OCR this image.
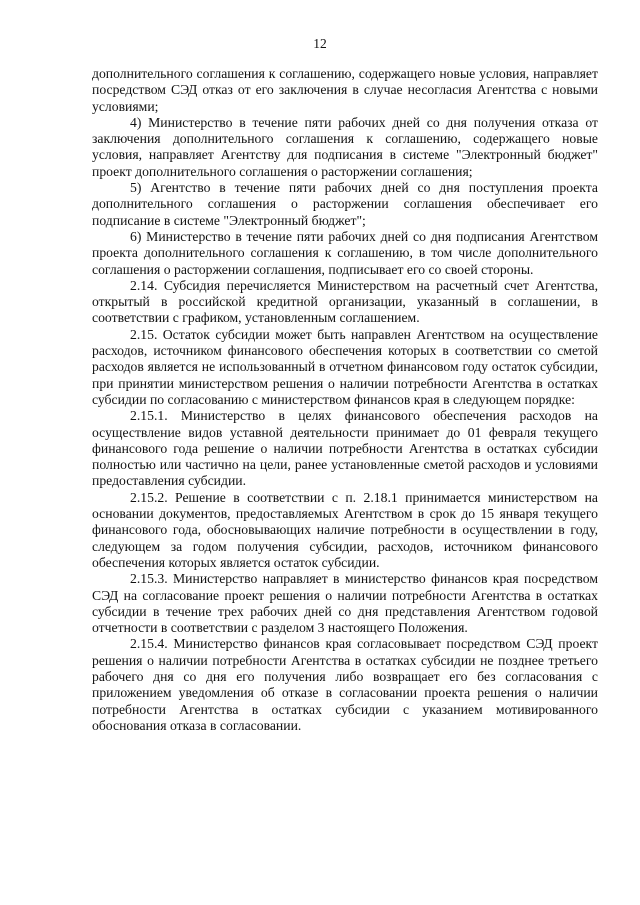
12

дополнительного соглашения к соглашению, содержащего новые условия, направляет посредством СЭД отказ от его заключения в случае несогласия Агентства с новыми условиями;

4) Министерство в течение пяти рабочих дней со дня получения отказа от заключения дополнительного соглашения к соглашению, содержащего новые условия, направляет Агентству для подписания в системе "Электронный бюджет" проект дополнительного соглашения о расторжении соглашения;

5) Агентство в течение пяти рабочих дней со дня поступления проекта дополнительного соглашения о расторжении соглашения обеспечивает его подписание в системе "Электронный бюджет";

6) Министерство в течение пяти рабочих дней со дня подписания Агентством проекта дополнительного соглашения к соглашению, в том числе дополнительного соглашения о расторжении соглашения, подписывает его со своей стороны.

2.14. Субсидия перечисляется Министерством на расчетный счет Агентства, открытый в российской кредитной организации, указанный в соглашении, в соответствии с графиком, установленным соглашением.

2.15. Остаток субсидии может быть направлен Агентством на осуществление расходов, источником финансового обеспечения которых в соответствии со сметой расходов является не использованный в отчетном финансовом году остаток субсидии, при принятии министерством решения о наличии потребности Агентства в остатках субсидии по согласованию с министерством финансов края в следующем порядке:

2.15.1. Министерство в целях финансового обеспечения расходов на осуществление видов уставной деятельности принимает до 01 февраля текущего финансового года решение о наличии потребности Агентства в остатках субсидии полностью или частично на цели, ранее установленные сметой расходов и условиями предоставления субсидии.

2.15.2. Решение в соответствии с п. 2.18.1 принимается министерством на основании документов, предоставляемых Агентством в срок до 15 января текущего финансового года, обосновывающих наличие потребности в осуществлении в году, следующем за годом получения субсидии, расходов, источником финансового обеспечения которых является остаток субсидии.

2.15.3. Министерство направляет в министерство финансов края посредством СЭД на согласование проект решения о наличии потребности Агентства в остатках субсидии в течение трех рабочих дней со дня представления Агентством годовой отчетности в соответствии с разделом 3 настоящего Положения.

2.15.4. Министерство финансов края согласовывает посредством СЭД проект решения о наличии потребности Агентства в остатках субсидии не позднее третьего рабочего дня со дня его получения либо возвращает его без согласования с приложением уведомления об отказе в согласовании проекта решения о наличии потребности Агентства в остатках субсидии с указанием мотивированного обоснования отказа в согласовании.
